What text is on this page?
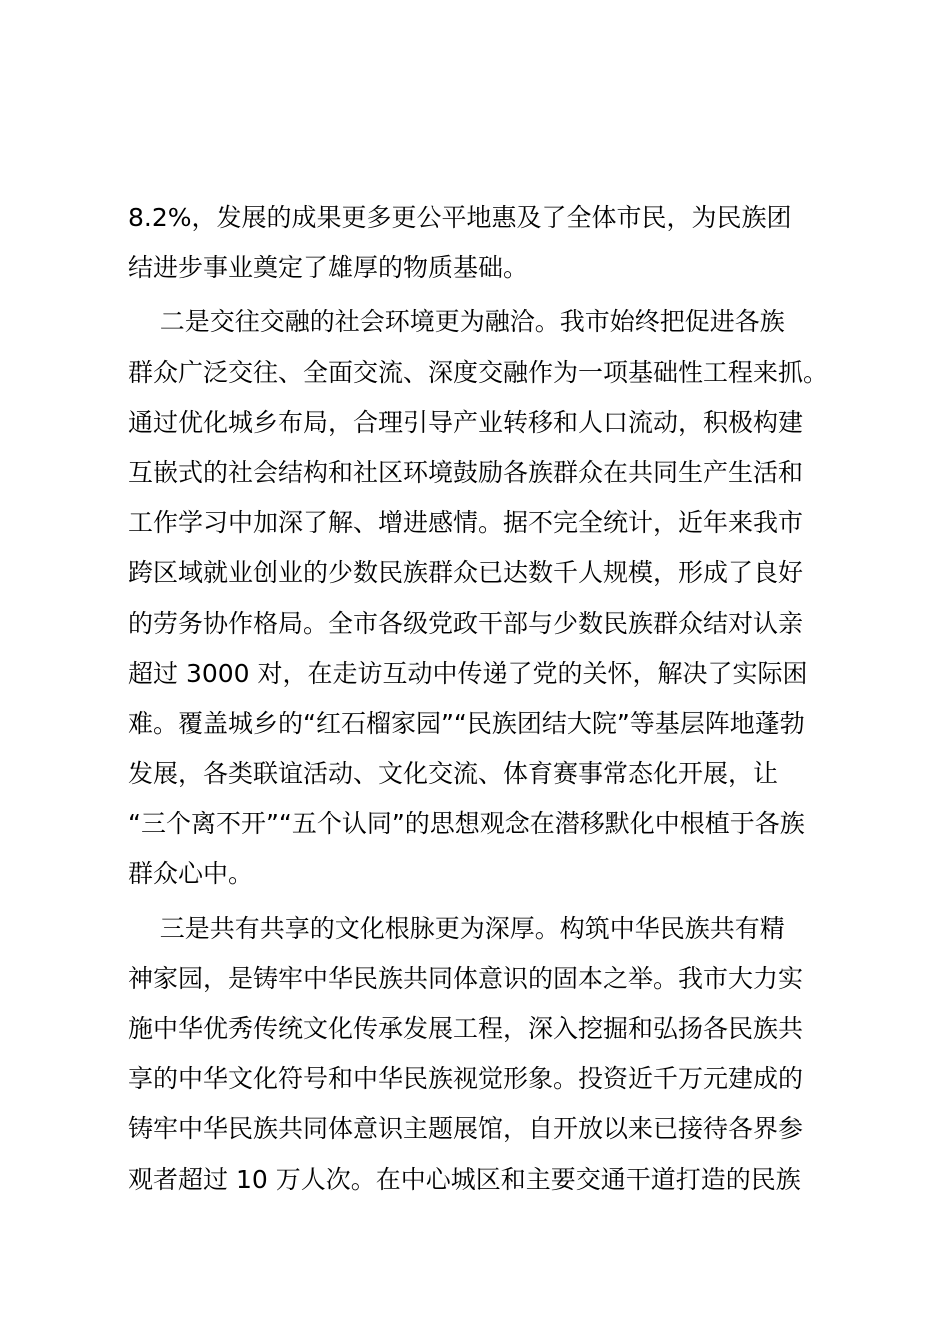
8.2%，发展的成果更多更公平地惠及了全体市民，为民族团
结进步事业奠定了雄厚的物质基础。
二是交往交融的社会环境更为融洽。我市始终把促进各族
群众广泛交往、全面交流、深度交融作为一项基础性工程来抓。
通过优化城乡布局，合理引导产业转移和人口流动，积极构建
互嵌式的社会结构和社区环境鼓励各族群众在共同生产生活和
工作学习中加深了解、增进感情。据不完全统计，近年来我市
跨区域就业创业的少数民族群众已达数千人规模，形成了良好
的劳务协作格局。全市各级党政干部与少数民族群众结对认亲
超过 3000 对，在走访互动中传递了党的关怀，解决了实际困
难。覆盖城乡的“红石榴家园”“民族团结大院”等基层阵地蓬勃
发展，各类联谊活动、文化交流、体育赛事常态化开展，让
“三个离不开”“五个认同”的思想观念在潜移默化中根植于各族
群众心中。
三是共有共享的文化根脉更为深厚。构筑中华民族共有精
神家园，是铸牢中华民族共同体意识的固本之举。我市大力实
施中华优秀传统文化传承发展工程，深入挖掘和弘扬各民族共
享的中华文化符号和中华民族视觉形象。投资近千万元建成的
铸牢中华民族共同体意识主题展馆，自开放以来已接待各界参
观者超过 10 万人次。在中心城区和主要交通干道打造的民族
